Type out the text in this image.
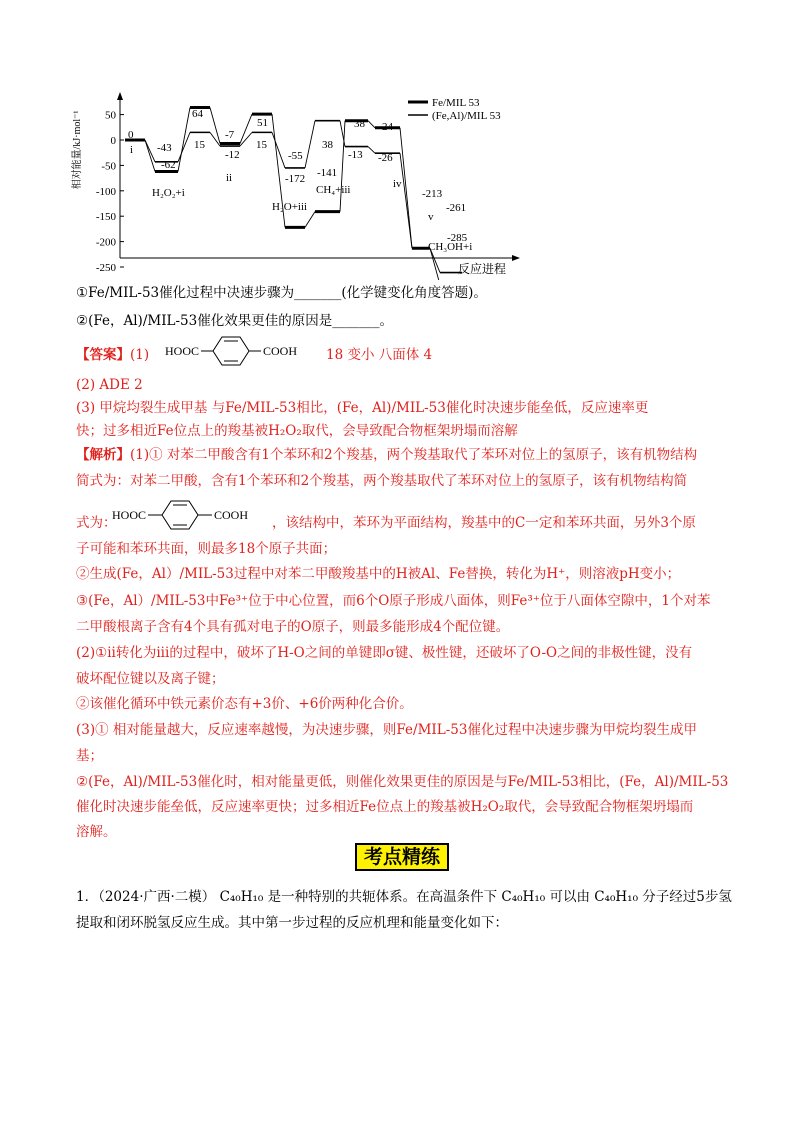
50
0
-50
-100
-150
-200
-250
相对能量/kJ·mol⁻¹
反应进程
0
-62
64
-7
51
-172 -141
38 24
-285
-43 15
-12
15
-55
38
-13 -26
-213
-261
i
H₂O₂+i
ii
H₂O+iii
CH₄+iii	iv
v
CH₃OH+i
Fe/MIL 53
(Fe,Al)/MIL 53
①Fe/MIL-53催化过程中决速步骤为_______(化学键变化角度答题)。
②(Fe，Al)/MIL-53催化效果更佳的原因是_______。
【答案】(1) HOOC	COOH 18 变小 八面体 4
(2) ADE 2
(3) 甲烷均裂生成甲基 与Fe/MIL-53相比，(Fe，Al)/MIL-53催化时决速步能垒低，反应速率更
快；过多相近Fe位点上的羧基被H₂O₂取代，会导致配合物框架坍塌而溶解
【解析】(1)① 对苯二甲酸含有1个苯环和2个羧基，两个羧基取代了苯环对位上的氢原子，该有机物结构
简式为：对苯二甲酸，含有1个苯环和2个羧基，两个羧基取代了苯环对位上的氢原子，该有机物结构简
式为：
HOOC	COOH ，该结构中，苯环为平面结构，羧基中的C一定和苯环共面，另外3个原
子可能和苯环共面，则最多18个原子共面；
②生成(Fe，Al）/MIL-53过程中对苯二甲酸羧基中的H被Al、Fe替换，转化为H⁺，则溶液pH变小；
③(Fe，Al）/MIL-53中Fe³⁺位于中心位置，而6个O原子形成八面体，则Fe³⁺位于八面体空隙中，1个对苯
二甲酸根离子含有4个具有孤对电子的O原子，则最多能形成4个配位键。
(2)①ii转化为iii的过程中，破坏了H-O之间的单键即σ键、极性键，还破坏了O-O之间的非极性键，没有
破坏配位键以及离子键；
②该催化循环中铁元素价态有+3价、+6价两种化合价。
(3)① 相对能量越大，反应速率越慢，为决速步骤，则Fe/MIL-53催化过程中决速步骤为甲烷均裂生成甲
基；
②(Fe，Al)/MIL-53催化时，相对能量更低，则催化效果更佳的原因是与Fe/MIL-53相比，(Fe，Al)/MIL-53
催化时决速步能垒低，反应速率更快；过多相近Fe位点上的羧基被H₂O₂取代，会导致配合物框架坍塌而
溶解。
考点精练
1．（2024·广西·二模） C₄₀H₁₀ 是一种特别的共轭体系。在高温条件下 C₄₀H₁₀ 可以由 C₄₀H₁₀ 分子经过5步氢
提取和闭环脱氢反应生成。其中第一步过程的反应机理和能量变化如下：
